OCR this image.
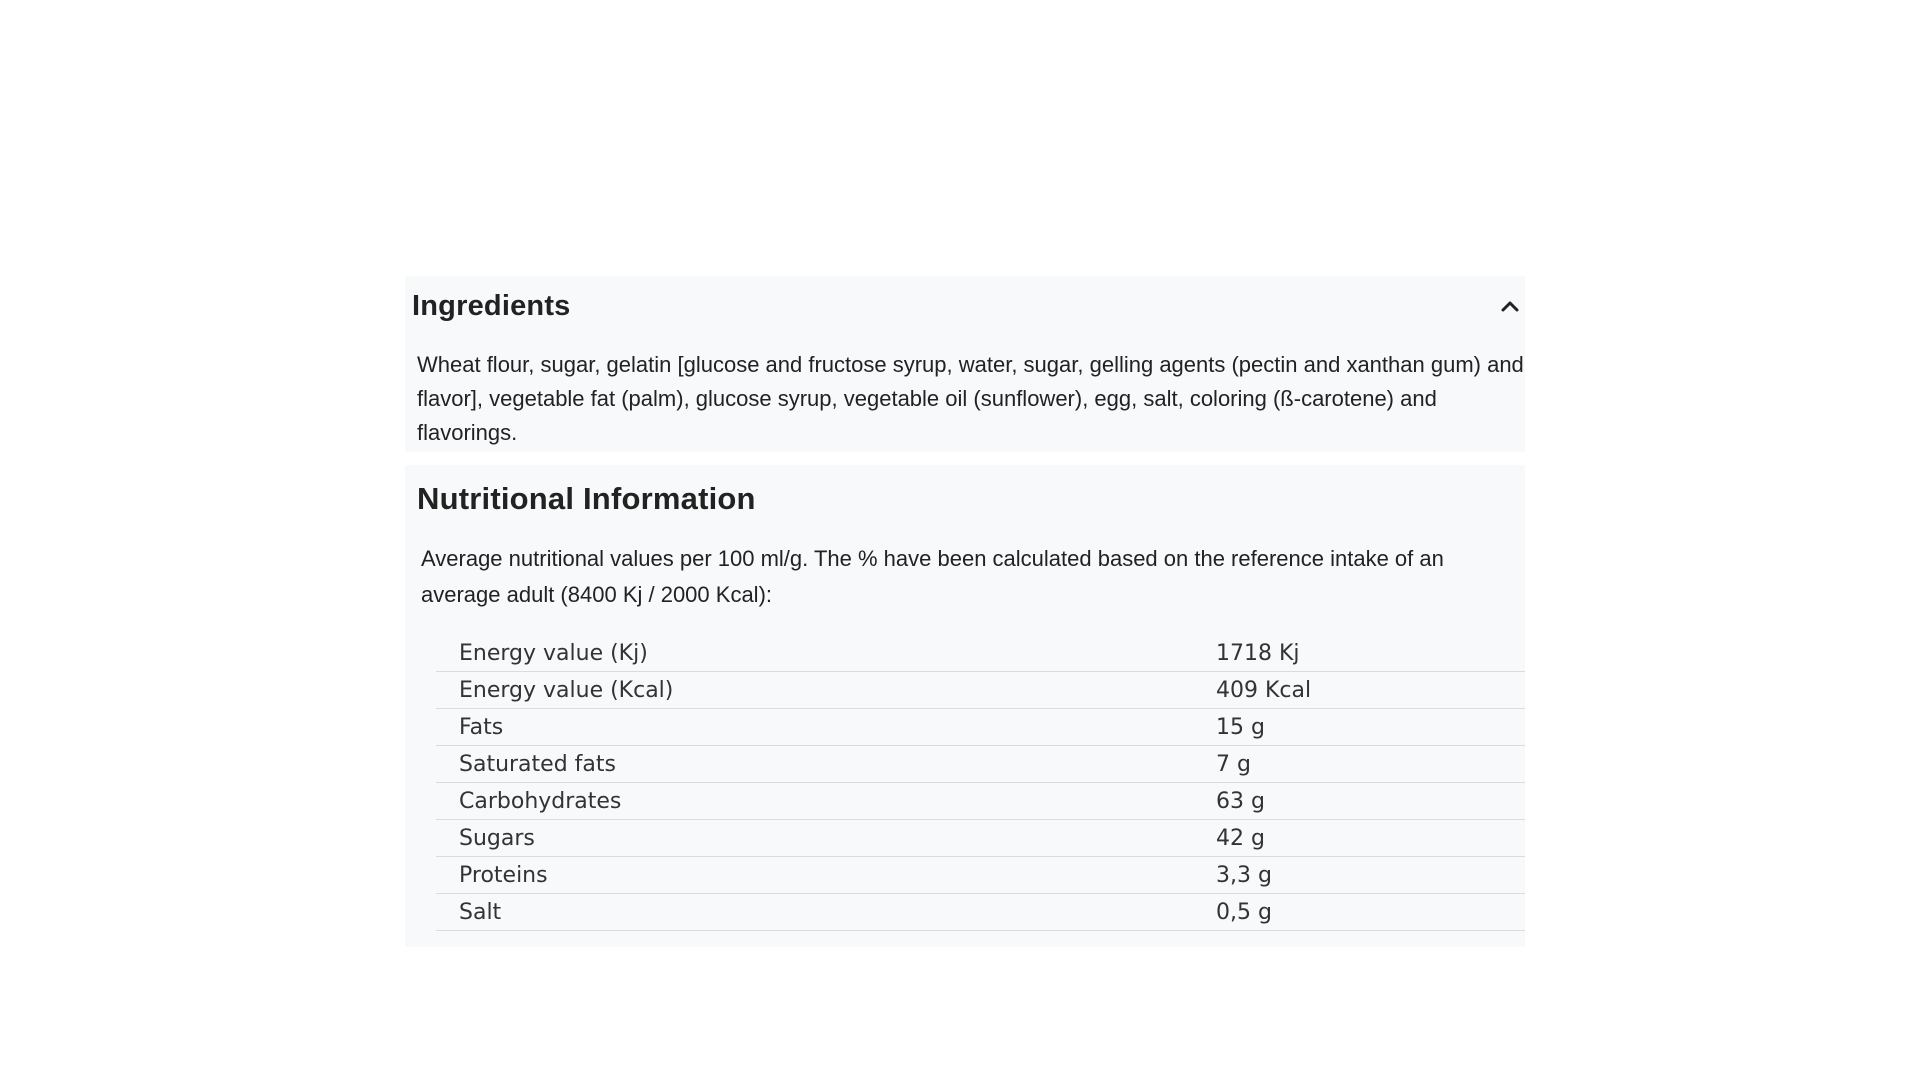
Ingredients
Wheat flour, sugar, gelatin [glucose and fructose syrup, water, sugar, gelling agents (pectin and xanthan gum) and flavor], vegetable fat (palm), glucose syrup, vegetable oil (sunflower), egg, salt, coloring (ß-carotene) and flavorings.
Nutritional Information
Average nutritional values per 100 ml/g. The % have been calculated based on the reference intake of an average adult (8400 Kj / 2000 Kcal):
Energy value (Kj)	1718 Kj
Energy value (Kcal)	409 Kcal
Fats	15 g
Saturated fats	7 g
Carbohydrates	63 g
Sugars	42 g
Proteins	3,3 g
Salt	0,5 g
